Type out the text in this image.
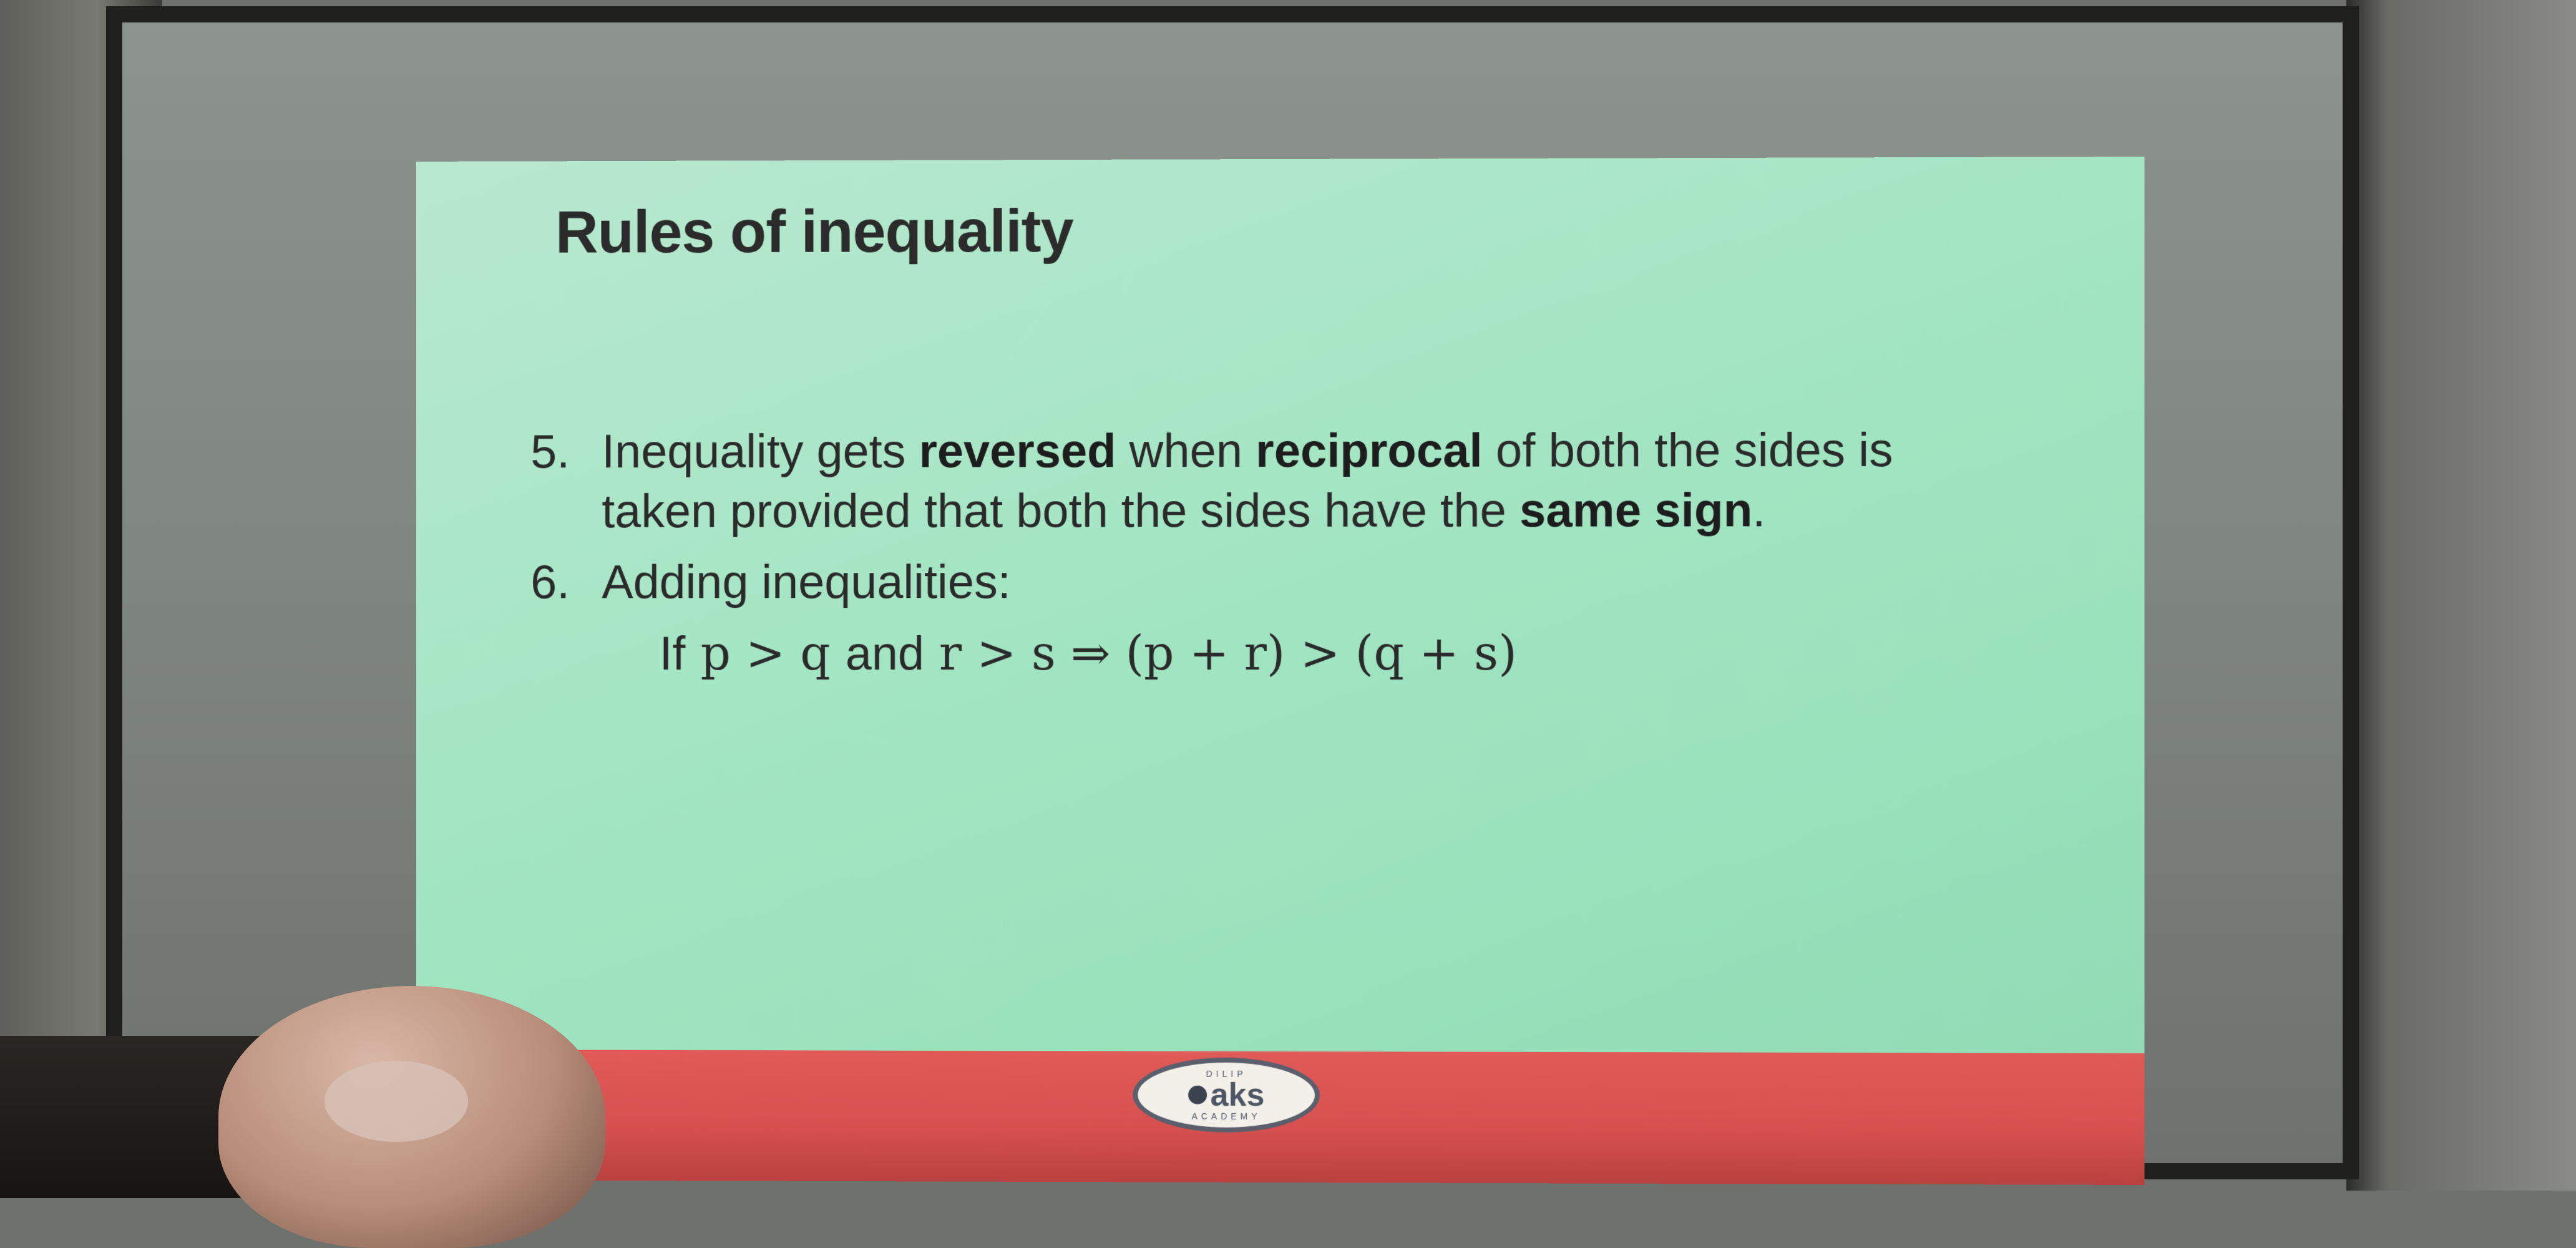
Rules of inequality
5. Inequality gets reversed when reciprocal of both the sides is taken provided that both the sides have the same sign.
6. Adding inequalities:
If p > q and r > s ⇒ (p + r) > (q + s)
DILIP
aks
ACADEMY
